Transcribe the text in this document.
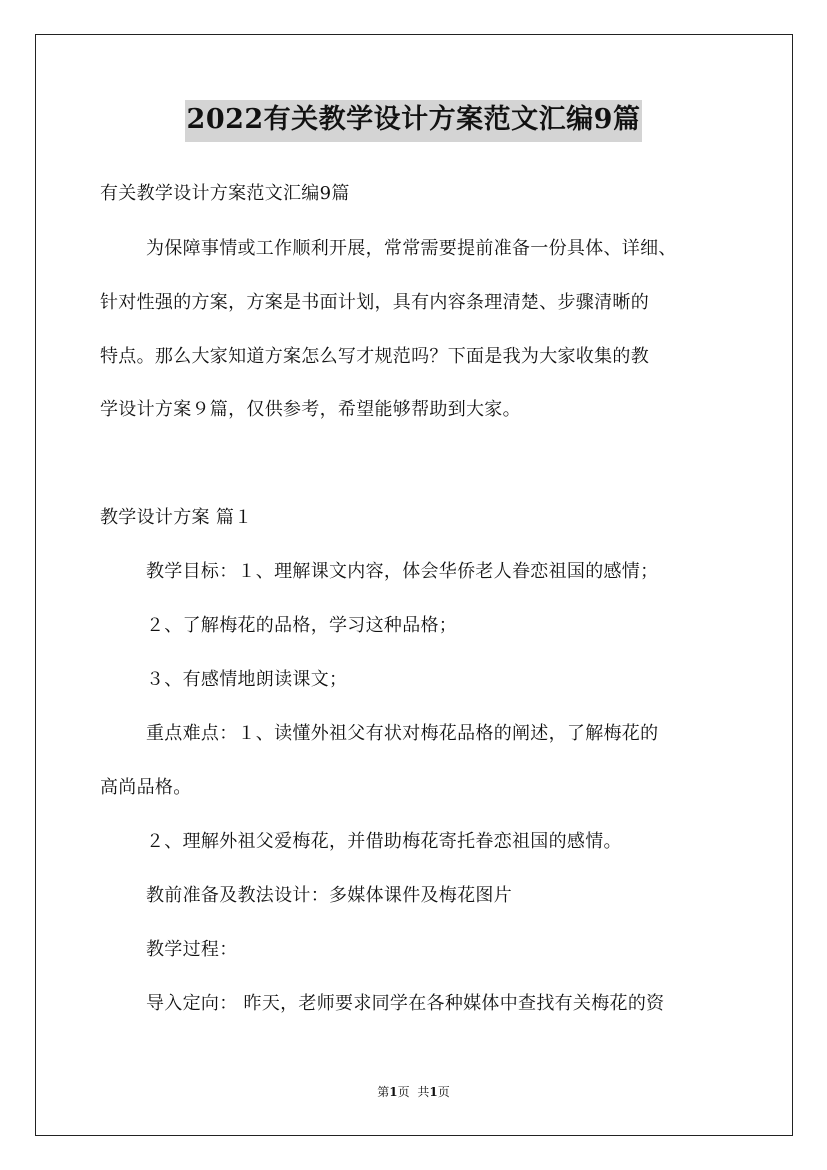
2022有关教学设计方案范文汇编9篇
有关教学设计方案范文汇编9篇
为保障事情或工作顺利开展，常常需要提前准备一份具体、详细、
针对性强的方案，方案是书面计划，具有内容条理清楚、步骤清晰的
特点。那么大家知道方案怎么写才规范吗？下面是我为大家收集的教
学设计方案９篇，仅供参考，希望能够帮助到大家。
教学设计方案 篇１
教学目标：１、理解课文内容，体会华侨老人眷恋祖国的感情；
２、了解梅花的品格，学习这种品格；
３、有感情地朗读课文；
重点难点：１、读懂外祖父有状对梅花品格的阐述，了解梅花的
高尚品格。
２、理解外祖父爱梅花，并借助梅花寄托眷恋祖国的感情。
教前准备及教法设计：多媒体课件及梅花图片
教学过程：
导入定向： 昨天，老师要求同学在各种媒体中查找有关梅花的资
第1页 共1页
